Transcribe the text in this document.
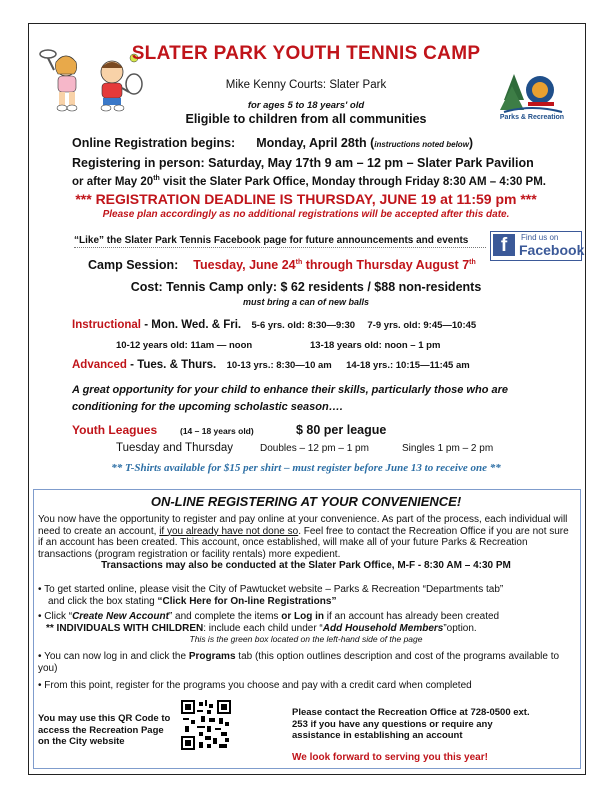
Parks & Recreation
SLATER PARK YOUTH TENNIS CAMP
Mike Kenny Courts: Slater Park
for ages 5 to 18 years' old
Eligible to children from all communities
Online Registration begins: Monday, April 28th (instructions noted below)
Registering in person: Saturday, May 17th 9 am – 12 pm – Slater Park Pavilion
or after May 20th visit the Slater Park Office, Monday through Friday 8:30 AM – 4:30 PM.
*** REGISTRATION DEADLINE IS THURSDAY, JUNE 19 at 11:59 pm ***
Please plan accordingly as no additional registrations will be accepted after this date.
“Like” the Slater Park Tennis Facebook page for future announcements and events	f	Find us on
Facebook
Camp Session: Tuesday, June 24th through Thursday August 7th
Cost: Tennis Camp only: $ 62 residents / $88 non-residents
must bring a can of new balls
Instructional - Mon. Wed. & Fri. 5-6 yrs. old: 8:30—9:30 7-9 yrs. old: 9:45—10:45
10-12 years old: 11am — noon	13-18 years old: noon – 1 pm
Advanced - Tues. & Thurs. 10-13 yrs.: 8:30—10 am 14-18 yrs.: 10:15—11:45 am
A great opportunity for your child to enhance their skills, particularly those who are
conditioning for the upcoming scholastic season….
Youth Leagues	(14 – 18 years old)	$ 80 per league
Tuesday and Thursday	Doubles – 12 pm – 1 pm	Singles 1 pm – 2 pm
** T-Shirts available for $15 per shirt – must register before June 13 to receive one **
ON-LINE REGISTERING AT YOUR CONVENIENCE!
You now have the opportunity to register and pay online at your convenience. As part of the process, each individual will need to create an account, if you already have not done so. Feel free to contact the Recreation Office if you are not sure if an account has been created. This account, once established, will make all of your future Parks & Recreation transactions (program registration or facility rentals) more expedient.
Transactions may also be conducted at the Slater Park Office, M-F - 8:30 AM – 4:30 PM
• To get started online, please visit the City of Pawtucket website – Parks & Recreation “Departments tab”
and click the box stating “Click Here for On-line Registrations”
• Click “Create New Account” and complete the items or Log in if an account has already been created
** INDIVIDUALS WITH CHILDREN: include each child under “Add Household Members”option.
This is the green box located on the left-hand side of the page
• You can now log in and click the Programs tab (this option outlines description and cost of the programs available to you)
• From this point, register for the programs you choose and pay with a credit card when completed
You may use this QR Code to access the Recreation Page on the City website
Please contact the Recreation Office at 728-0500 ext. 253 if you have any questions or require any assistance in establishing an account
We look forward to serving you this year!
